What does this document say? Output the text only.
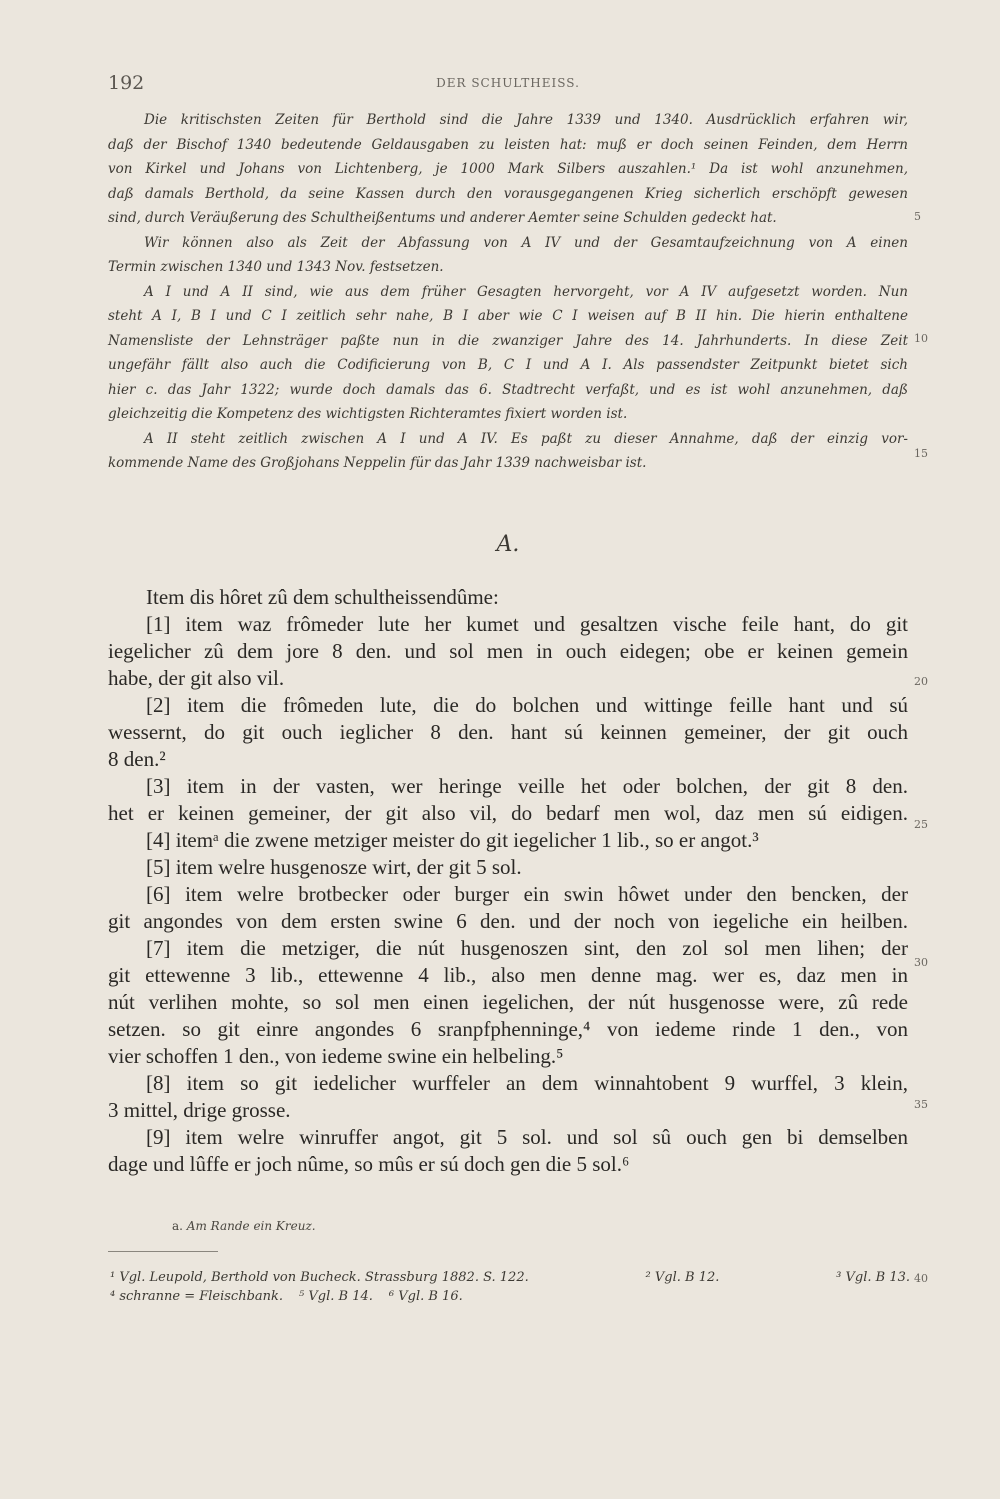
192	DER SCHULTHEISS.
Die kritischsten Zeiten für Berthold sind die Jahre 1339 und 1340. Ausdrücklich erfahren wir,
daß der Bischof 1340 bedeutende Geldausgaben zu leisten hat: muß er doch seinen Feinden, dem Herrn
von Kirkel und Johans von Lichtenberg, je 1000 Mark Silbers auszahlen.¹ Da ist wohl anzunehmen,
daß damals Berthold, da seine Kassen durch den vorausgegangenen Krieg sicherlich erschöpft gewesen
sind, durch Veräußerung des Schultheißentums und anderer Aemter seine Schulden gedeckt hat.
Wir können also als Zeit der Abfassung von A IV und der Gesamtaufzeichnung von A einen
Termin zwischen 1340 und 1343 Nov. festsetzen.
A I und A II sind, wie aus dem früher Gesagten hervorgeht, vor A IV aufgesetzt worden. Nun
steht A I, B I und C I zeitlich sehr nahe, B I aber wie C I weisen auf B II hin. Die hierin enthaltene
Namensliste der Lehnsträger paßte nun in die zwanziger Jahre des 14. Jahrhunderts. In diese Zeit
ungefähr fällt also auch die Codificierung von B, C I und A I. Als passendster Zeitpunkt bietet sich
hier c. das Jahr 1322; wurde doch damals das 6. Stadtrecht verfaßt, und es ist wohl anzunehmen, daß
gleichzeitig die Kompetenz des wichtigsten Richteramtes fixiert worden ist.
A II steht zeitlich zwischen A I und A IV. Es paßt zu dieser Annahme, daß der einzig vor-
kommende Name des Großjohans Neppelin für das Jahr 1339 nachweisbar ist.
A.
Item dis hôret zû dem schultheissendûme:
[1] item waz frômeder lute her kumet und gesaltzen vische feile hant, do git
iegelicher zû dem jore 8 den. und sol men in ouch eidegen; obe er keinen gemein
habe, der git also vil.
[2] item die frômeden lute, die do bolchen und wittinge feille hant und sú
wessernt, do git ouch ieglicher 8 den. hant sú keinnen gemeiner, der git ouch
8 den.²
[3] item in der vasten, wer heringe veille het oder bolchen, der git 8 den.
het er keinen gemeiner, der git also vil, do bedarf men wol, daz men sú eidigen.
[4] itemᵃ die zwene metziger meister do git iegelicher 1 lib., so er angot.³
[5] item welre husgenosze wirt, der git 5 sol.
[6] item welre brotbecker oder burger ein swin hôwet under den bencken, der
git angondes von dem ersten swine 6 den. und der noch von iegeliche ein heilben.
[7] item die metziger, die nút husgenoszen sint, den zol sol men lihen; der
git ettewenne 3 lib., ettewenne 4 lib., also men denne mag. wer es, daz men in
nút verlihen mohte, so sol men einen iegelichen, der nút husgenosse were, zû rede
setzen. so git einre angondes 6 sranpfphenninge,⁴ von iedeme rinde 1 den., von
vier schoffen 1 den., von iedeme swine ein helbeling.⁵
[8] item so git iedelicher wurffeler an dem winnahtobent 9 wurffel, 3 klein,
3 mittel, drige grosse.
[9] item welre winruffer angot, git 5 sol. und sol sû ouch gen bi demselben
dage und lûffe er joch nûme, so mûs er sú doch gen die 5 sol.⁶
5
10
15
20
25
30
35
40
a. Am Rande ein Kreuz.
¹ Vgl. Leupold, Berthold von Bucheck. Strassburg 1882. S. 122.	² Vgl. B 12.	³ Vgl. B 13.
⁴ schranne = Fleischbank. ⁵ Vgl. B 14. ⁶ Vgl. B 16.
